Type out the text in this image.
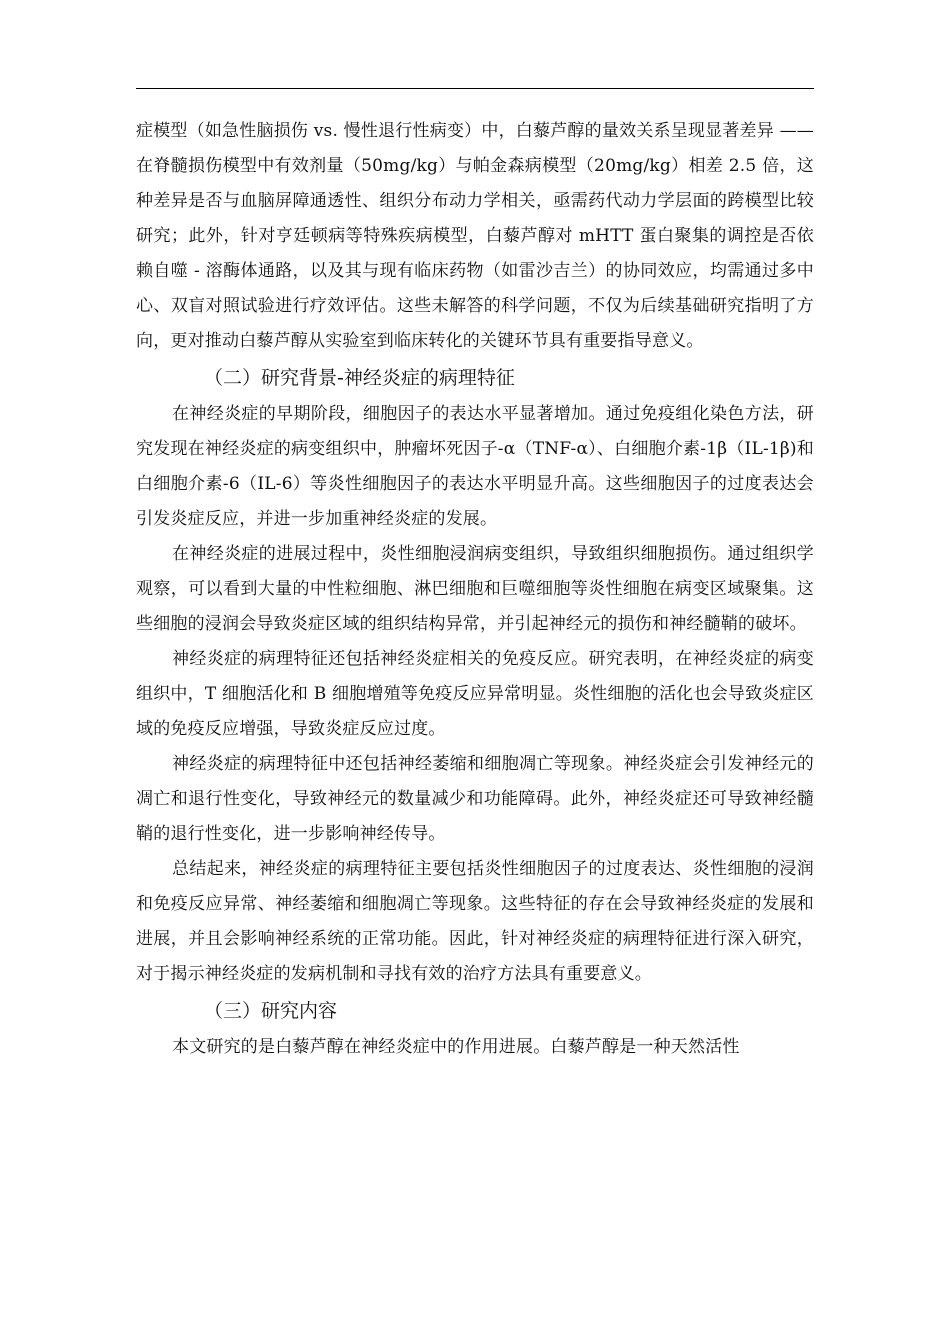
症模型（如急性脑损伤 vs. 慢性退行性病变）中，白藜芦醇的量效关系呈现显著差异 —— 在脊髓损伤模型中有效剂量（50mg/kg）与帕金森病模型（20mg/kg）相差 2.5 倍，这种差异是否与血脑屏障通透性、组织分布动力学相关，亟需药代动力学层面的跨模型比较研究；此外，针对亨廷顿病等特殊疾病模型，白藜芦醇对 mHTT 蛋白聚集的调控是否依赖自噬 - 溶酶体通路，以及其与现有临床药物（如雷沙吉兰）的协同效应，均需通过多中心、双盲对照试验进行疗效评估。这些未解答的科学问题，不仅为后续基础研究指明了方向，更对推动白藜芦醇从实验室到临床转化的关键环节具有重要指导意义。

（二）研究背景-神经炎症的病理特征

在神经炎症的早期阶段，细胞因子的表达水平显著增加。通过免疫组化染色方法，研究发现在神经炎症的病变组织中，肿瘤坏死因子-α（TNF-α）、白细胞介素-1β（IL-1β)和白细胞介素-6（IL-6）等炎性细胞因子的表达水平明显升高。这些细胞因子的过度表达会引发炎症反应，并进一步加重神经炎症的发展。

在神经炎症的进展过程中，炎性细胞浸润病变组织，导致组织细胞损伤。通过组织学观察，可以看到大量的中性粒细胞、淋巴细胞和巨噬细胞等炎性细胞在病变区域聚集。这些细胞的浸润会导致炎症区域的组织结构异常，并引起神经元的损伤和神经髓鞘的破坏。

神经炎症的病理特征还包括神经炎症相关的免疫反应。研究表明，在神经炎症的病变组织中，T 细胞活化和 B 细胞增殖等免疫反应异常明显。炎性细胞的活化也会导致炎症区域的免疫反应增强，导致炎症反应过度。

神经炎症的病理特征中还包括神经萎缩和细胞凋亡等现象。神经炎症会引发神经元的凋亡和退行性变化，导致神经元的数量减少和功能障碍。此外，神经炎症还可导致神经髓鞘的退行性变化，进一步影响神经传导。

总结起来，神经炎症的病理特征主要包括炎性细胞因子的过度表达、炎性细胞的浸润和免疫反应异常、神经萎缩和细胞凋亡等现象。这些特征的存在会导致神经炎症的发展和进展，并且会影响神经系统的正常功能。因此，针对神经炎症的病理特征进行深入研究，对于揭示神经炎症的发病机制和寻找有效的治疗方法具有重要意义。

（三）研究内容

本文研究的是白藜芦醇在神经炎症中的作用进展。白藜芦醇是一种天然活性
